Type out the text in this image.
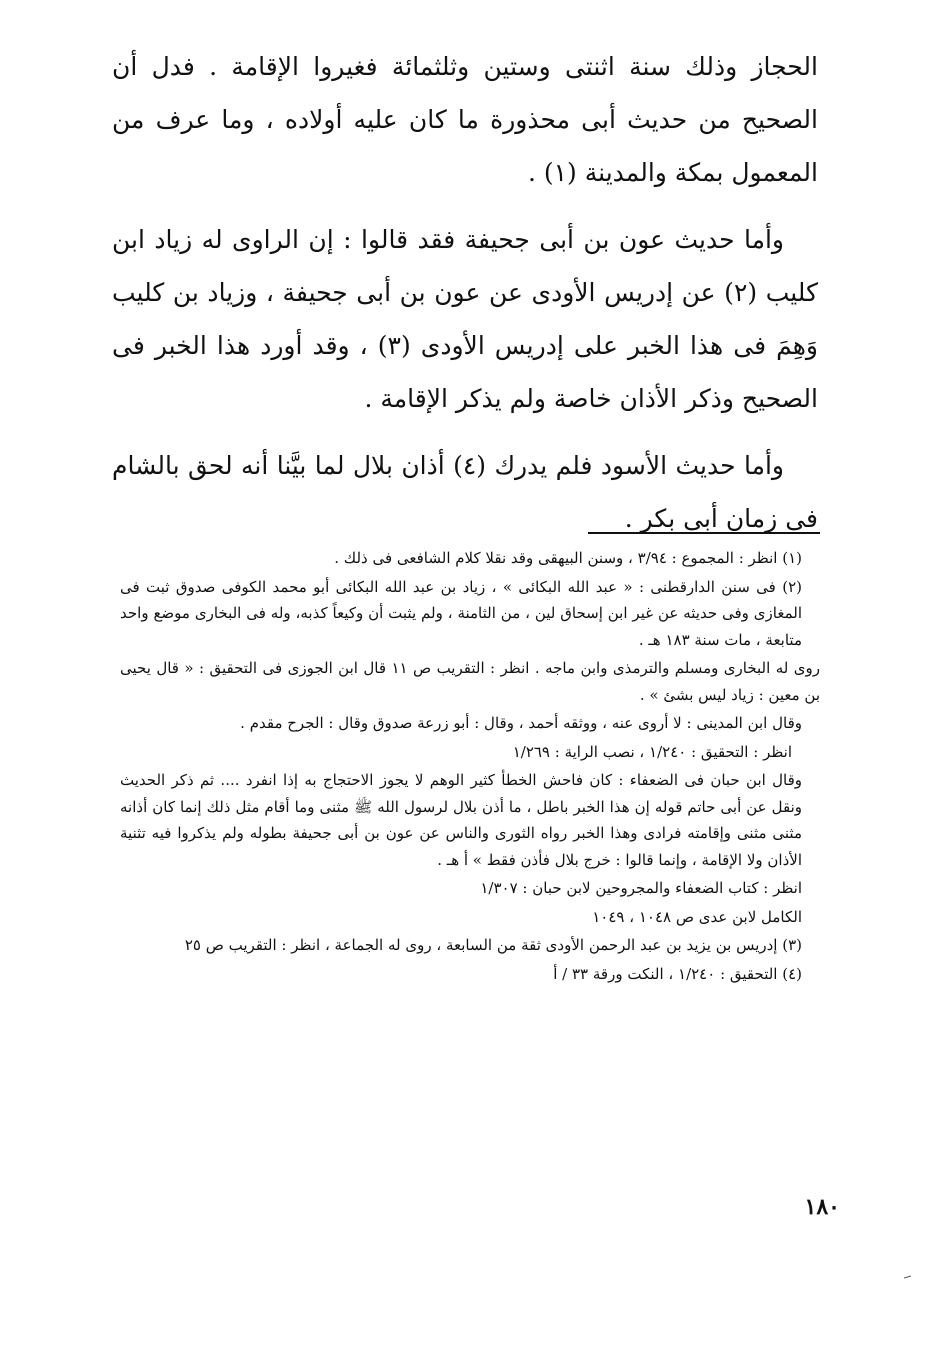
الحجاز وذلك سنة اثنتى وستين وثلثمائة فغيروا الإقامة . فدل أن الصحيح من حديث أبى محذورة ما كان عليه أولاده ، وما عرف من المعمول بمكة والمدينة (١) .

وأما حديث عون بن أبى جحيفة فقد قالوا : إن الراوى له زياد ابن كليب (٢) عن إدريس الأودى عن عون بن أبى جحيفة ، وزياد بن كليب وَهِمَ فى هذا الخبر على إدريس الأودى (٣) ، وقد أورد هذا الخبر فى الصحيح وذكر الأذان خاصة ولم يذكر الإقامة .

وأما حديث الأسود فلم يدرك (٤) أذان بلال لما بيَّنا أنه لحق بالشام فى زمان أبى بكر .

(١) انظر : المجموع : ٣/٩٤ ، وسنن البيهقى وقد نقلا كلام الشافعى فى ذلك .

(٢) فى سنن الدارقطنى : « عبد الله البكائى » ، زياد بن عبد الله البكائى أبو محمد الكوفى صدوق ثبت فى المغازى وفى حديثه عن غير ابن إسحاق لين ، من الثامنة ، ولم يثبت أن وكيعاً كذبه، وله فى البخارى موضع واحد متابعة ، مات سنة ١٨٣ هـ .

روى له البخارى ومسلم والترمذى وابن ماجه . انظر : التقريب ص ١١ قال ابن الجوزى فى التحقيق : « قال يحيى بن معين : زياد ليس بشئ » .

وقال ابن المدينى : لا أروى عنه ، ووثقه أحمد ، وقال : أبو زرعة صدوق وقال : الجرح مقدم .

انظر : التحقيق : ١/٢٤٠ ، نصب الراية : ١/٢٦٩

وقال ابن حبان فى الضعفاء : كان فاحش الخطأ كثير الوهم لا يجوز الاحتجاج به إذا انفرد .... ثم ذكر الحديث ونقل عن أبى حاتم قوله إن هذا الخبر باطل ، ما أذن بلال لرسول الله ﷺ مثنى وما أقام مثل ذلك إنما كان أذانه مثنى مثنى وإقامته فرادى وهذا الخبر رواه الثورى والناس عن عون بن أبى جحيفة بطوله ولم يذكروا فيه تثنية الأذان ولا الإقامة ، وإنما قالوا : خرج بلال فأذن فقط » أ هـ .

انظر : كتاب الضعفاء والمجروحين لابن حبان : ١/٣٠٧

الكامل لابن عدى ص ١٠٤٨ ، ١٠٤٩

(٣) إدريس بن يزيد بن عبد الرحمن الأودى ثقة من السابعة ، روى له الجماعة ، انظر : التقريب ص ٢٥

(٤) التحقيق : ١/٢٤٠ ، النكت ورقة ٣٣ / أ

١٨٠
